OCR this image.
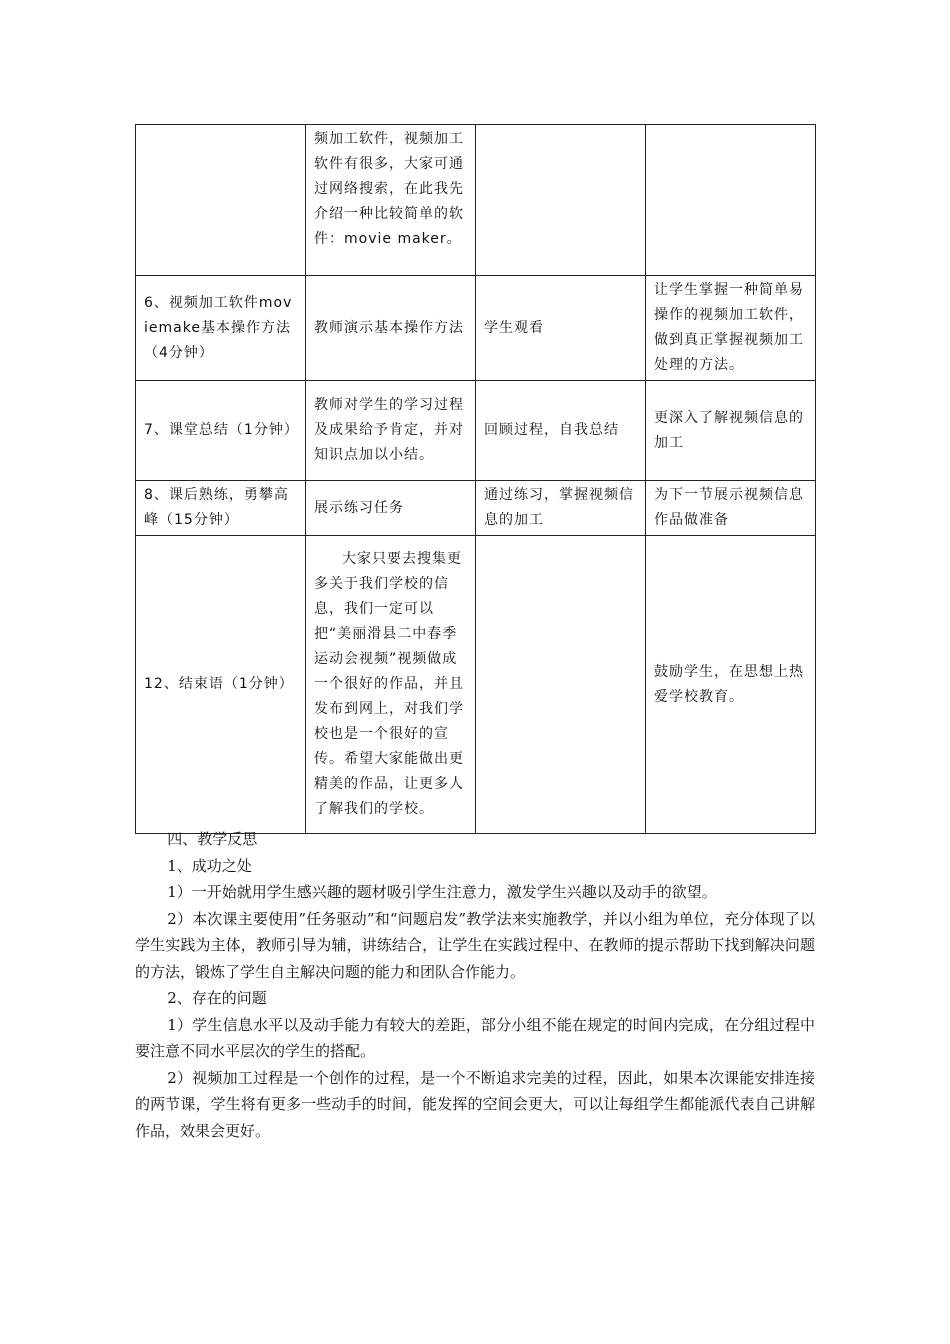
	频加工软件，视频加工软件有很多，大家可通过网络搜索，在此我先介绍一种比较简单的软件：movie maker。		
6、视频加工软件moviemake基本操作方法（4分钟）	教师演示基本操作方法	学生观看	让学生掌握一种简单易操作的视频加工软件，做到真正掌握视频加工处理的方法。
7、课堂总结（1分钟）	教师对学生的学习过程及成果给予肯定，并对知识点加以小结。	回顾过程，自我总结	更深入了解视频信息的加工
8、课后熟练，勇攀高峰（15分钟）	展示练习任务	通过练习，掌握视频信息的加工	为下一节展示视频信息作品做准备
12、结束语（1分钟）	大家只要去搜集更多关于我们学校的信息，我们一定可以把“美丽滑县二中春季运动会视频”视频做成一个很好的作品，并且发布到网上，对我们学校也是一个很好的宣传。希望大家能做出更精美的作品，让更多人了解我们的学校。		鼓励学生，在思想上热爱学校教育。

四、教学反思

1、成功之处

1）一开始就用学生感兴趣的题材吸引学生注意力，激发学生兴趣以及动手的欲望。

2）本次课主要使用”任务驱动”和“问题启发”教学法来实施教学，并以小组为单位，充分体现了以学生实践为主体，教师引导为辅，讲练结合，让学生在实践过程中、在教师的提示帮助下找到解决问题的方法，锻炼了学生自主解决问题的能力和团队合作能力。

2、存在的问题

1）学生信息水平以及动手能力有较大的差距，部分小组不能在规定的时间内完成，在分组过程中要注意不同水平层次的学生的搭配。

2）视频加工过程是一个创作的过程，是一个不断追求完美的过程，因此，如果本次课能安排连接的两节课，学生将有更多一些动手的时间，能发挥的空间会更大，可以让每组学生都能派代表自己讲解作品，效果会更好。
